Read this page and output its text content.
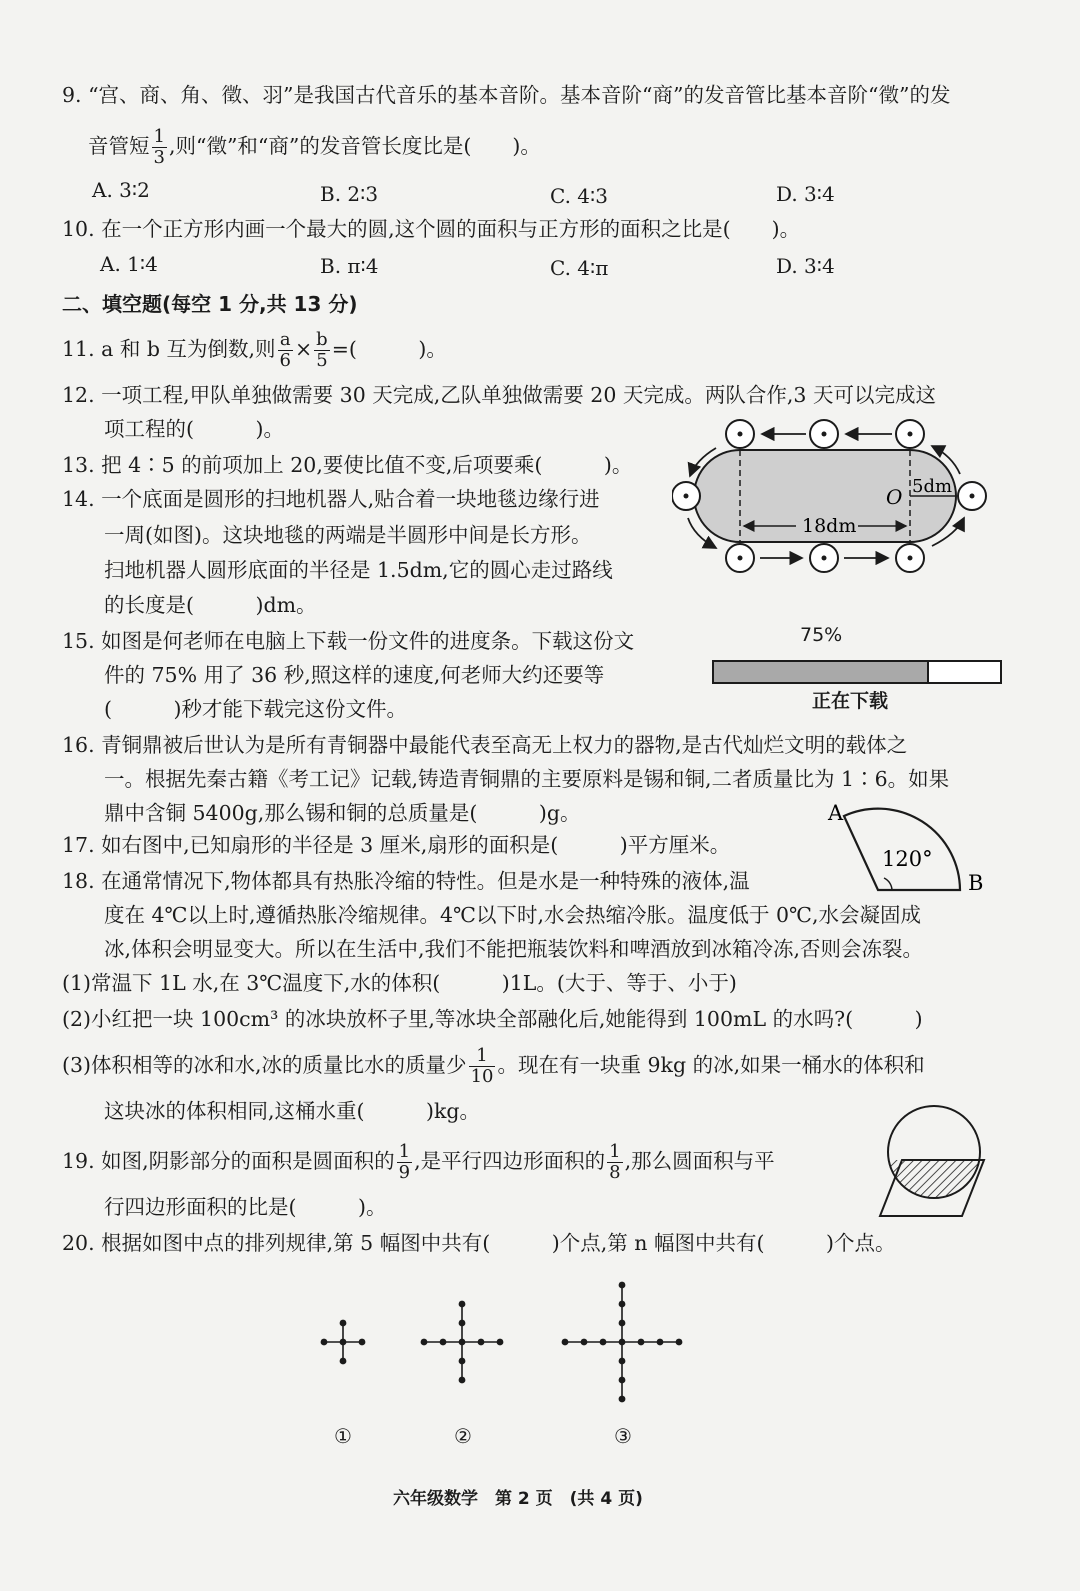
9. “宫、商、角、徵、羽”是我国古代音乐的基本音阶。基本音阶“商”的发音管比基本音阶“徵”的发
音管短 $\frac{1}{3}$ ,则“徵”和“商”的发音管长度比是(　　)。
A. 3∶2	B. 2∶3	C. 4∶3	D. 3∶4
10. 在一个正方形内画一个最大的圆,这个圆的面积与正方形的面积之比是(　　)。
A. 1∶4	B. π∶4	C. 4∶π	D. 3∶4
二、填空题(每空 1 分,共 13 分)
11. a 和 b 互为倒数,则 $\frac{a}{6} \times \frac{b}{5}$ =(　　　)。
12. 一项工程,甲队单独做需要 30 天完成,乙队单独做需要 20 天完成。两队合作,3 天可以完成这
项工程的(　　　)。
13. 把 4∶5 的前项加上 20,要使比值不变,后项要乘(　　　)。
14. 一个底面是圆形的扫地机器人,贴合着一块地毯边缘行进
一周(如图)。这块地毯的两端是半圆形中间是长方形。
扫地机器人圆形底面的半径是 1.5dm,它的圆心走过路线
的长度是(　　　)dm。
O 5dm
18dm
15. 如图是何老师在电脑上下载一份文件的进度条。下载这份文
件的 75% 用了 36 秒,照这样的速度,何老师大约还要等
(　　　)秒才能下载完这份文件。
75%
正在下载
16. 青铜鼎被后世认为是所有青铜器中最能代表至高无上权力的器物,是古代灿烂文明的载体之
一。根据先秦古籍《考工记》记载,铸造青铜鼎的主要原料是锡和铜,二者质量比为 1∶6。如果
鼎中含铜 5400g,那么锡和铜的总质量是(　　　)g。
17. 如右图中,已知扇形的半径是 3 厘米,扇形的面积是(　　　)平方厘米。
A
B
120°
18. 在通常情况下,物体都具有热胀冷缩的特性。但是水是一种特殊的液体,温
度在 4℃以上时,遵循热胀冷缩规律。4℃以下时,水会热缩冷胀。温度低于 0℃,水会凝固成
冰,体积会明显变大。所以在生活中,我们不能把瓶装饮料和啤酒放到冰箱冷冻,否则会冻裂。
(1)常温下 1L 水,在 3℃温度下,水的体积(　　　)1L。(大于、等于、小于)
(2)小红把一块 100cm³ 的冰块放杯子里,等冰块全部融化后,她能得到 100mL 的水吗?(　　　)
(3)体积相等的冰和水,冰的质量比水的质量少 $\frac{1}{10}$ 。现在有一块重 9kg 的冰,如果一桶水的体积和
这块冰的体积相同,这桶水重(　　　)kg。
19. 如图,阴影部分的面积是圆面积的 $\frac{1}{9}$ ,是平行四边形面积的 $\frac{1}{8}$ ,那么圆面积与平
行四边形面积的比是(　　　)。
20. 根据如图中点的排列规律,第 5 幅图中共有(　　　)个点,第 n 幅图中共有(　　　)个点。
①	②	③
六年级数学　第 2 页　(共 4 页)
